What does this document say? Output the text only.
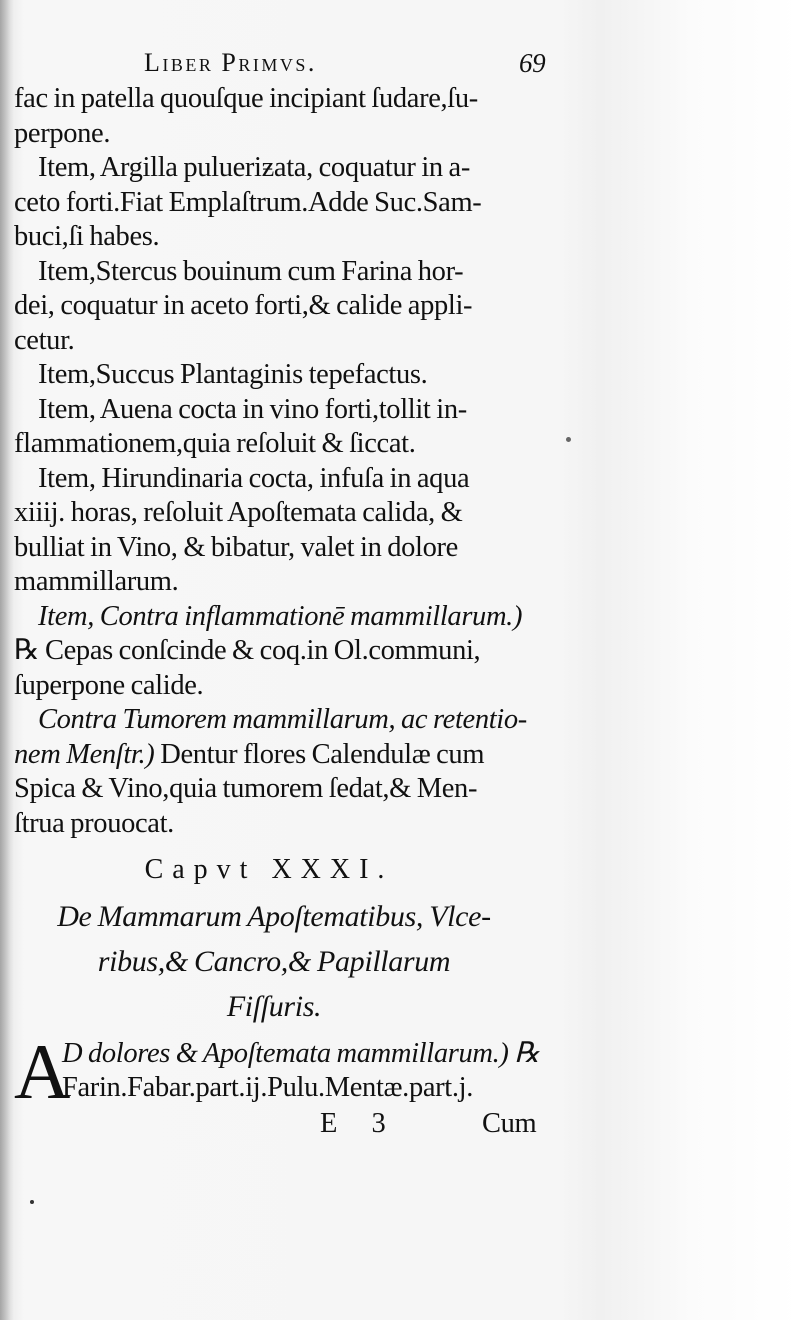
Liber Primvs.	69
fac in patella quouſque incipiant ſudare,ſu-
perpone.
Item, Argilla pulueriƶata, coquatur in a-
ceto forti.Fiat Emplaſtrum.Adde Suc.Sam-
buci,ſi habes.
Item,Stercus bouinum cum Farina hor-
dei, coquatur in aceto forti,& calide appli-
cetur.
Item,Succus Plantaginis tepefactus.
Item, Auena cocta in vino forti,tollit in-
flammationem,quia reſoluit & ſiccat.
Item, Hirundinaria cocta, infuſa in aqua
xiiij. horas, reſoluit Apoſtemata calida, &
bulliat in Vino, & bibatur, valet in dolore
mammillarum.
Item, Contra inflammationē mammillarum.)
℞ Cepas conſcinde & coq.in Ol.communi,
ſuperpone calide.
Contra Tumorem mammillarum, ac retentio-
nem Menſtr.) Dentur flores Calendulæ cum
Spica & Vino,quia tumorem ſedat,& Men-
ſtrua prouocat.
Capvt XXXI.
De Mammarum Apoſtematibus, Vlce-
ribus,& Cancro,& Papillarum
Fiſſuris.
A
D dolores & Apoſtemata mammillarum.) ℞
Farin.Fabar.part.ij.Pulu.Mentæ.part.j.
E 3	Cum
